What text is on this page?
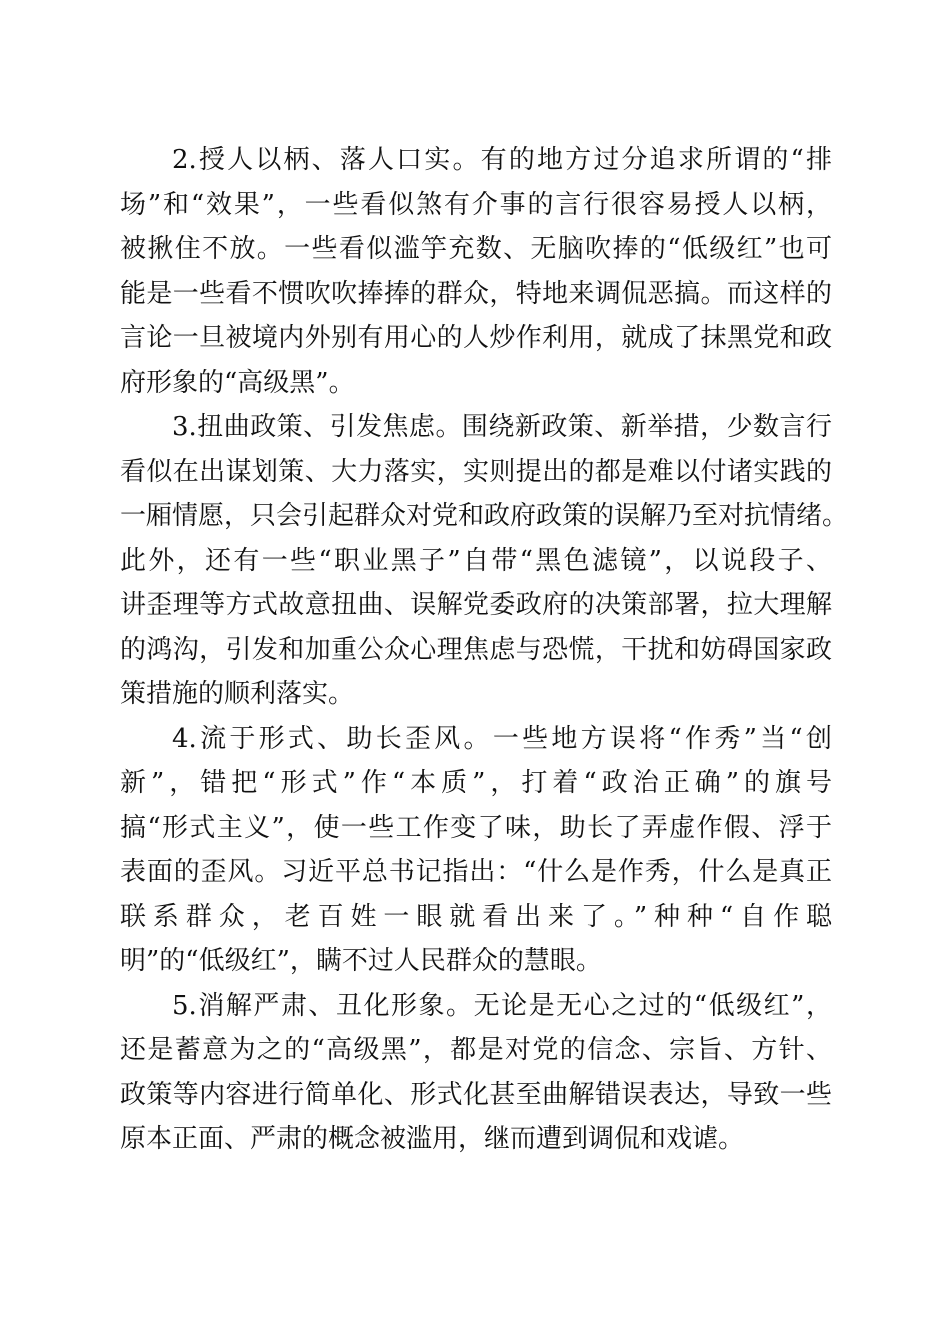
2.授人以柄、落人口实。有的地方过分追求所谓的“排
场”和“效果”，一些看似煞有介事的言行很容易授人以柄，
被揪住不放。一些看似滥竽充数、无脑吹捧的“低级红”也可
能是一些看不惯吹吹捧捧的群众，特地来调侃恶搞。而这样的
言论一旦被境内外别有用心的人炒作利用，就成了抹黑党和政
府形象的“高级黑”。

3.扭曲政策、引发焦虑。围绕新政策、新举措，少数言行
看似在出谋划策、大力落实，实则提出的都是难以付诸实践的
一厢情愿，只会引起群众对党和政府政策的误解乃至对抗情绪。
此外，还有一些“职业黑子”自带“黑色滤镜”，以说段子、
讲歪理等方式故意扭曲、误解党委政府的决策部署，拉大理解
的鸿沟，引发和加重公众心理焦虑与恐慌，干扰和妨碍国家政
策措施的顺利落实。

4.流于形式、助长歪风。一些地方误将“作秀”当“创
新”，错把“形式”作“本质”，打着“政治正确”的旗号
搞“形式主义”，使一些工作变了味，助长了弄虚作假、浮于
表面的歪风。习近平总书记指出：“什么是作秀，什么是真正
联系群众，老百姓一眼就看出来了。”种种“自作聪
明”的“低级红”，瞒不过人民群众的慧眼。

5.消解严肃、丑化形象。无论是无心之过的“低级红”，
还是蓄意为之的“高级黑”，都是对党的信念、宗旨、方针、
政策等内容进行简单化、形式化甚至曲解错误表达，导致一些
原本正面、严肃的概念被滥用，继而遭到调侃和戏谑。
